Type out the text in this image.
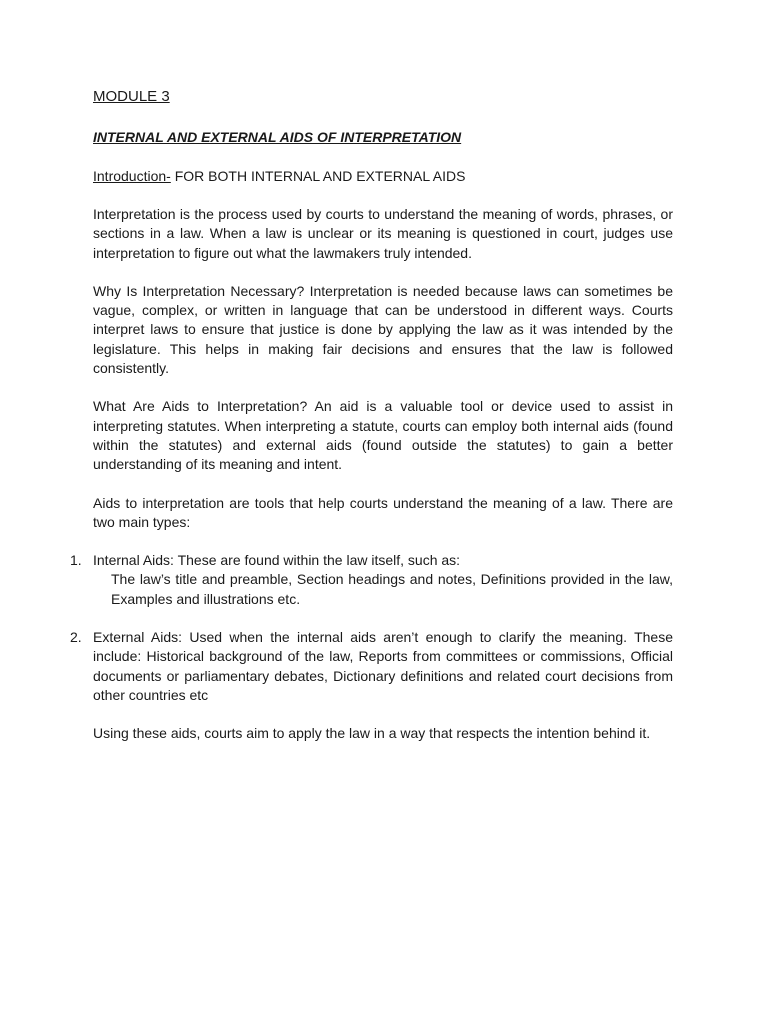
MODULE 3

INTERNAL AND EXTERNAL AIDS OF INTERPRETATION

Introduction- FOR BOTH INTERNAL AND EXTERNAL AIDS

Interpretation is the process used by courts to understand the meaning of words, phrases, or sections in a law. When a law is unclear or its meaning is questioned in court, judges use interpretation to figure out what the lawmakers truly intended.

Why Is Interpretation Necessary? Interpretation is needed because laws can sometimes be vague, complex, or written in language that can be understood in different ways. Courts interpret laws to ensure that justice is done by applying the law as it was intended by the legislature. This helps in making fair decisions and ensures that the law is followed consistently.

What Are Aids to Interpretation? An aid is a valuable tool or device used to assist in interpreting statutes. When interpreting a statute, courts can employ both internal aids (found within the statutes) and external aids (found outside the statutes) to gain a better understanding of its meaning and intent.

Aids to interpretation are tools that help courts understand the meaning of a law. There are two main types:

1. Internal Aids: These are found within the law itself, such as:
The law’s title and preamble, Section headings and notes, Definitions provided in the law, Examples and illustrations etc.
2. External Aids: Used when the internal aids aren’t enough to clarify the meaning. These include: Historical background of the law, Reports from committees or commissions, Official documents or parliamentary debates, Dictionary definitions and related court decisions from other countries etc

Using these aids, courts aim to apply the law in a way that respects the intention behind it.
